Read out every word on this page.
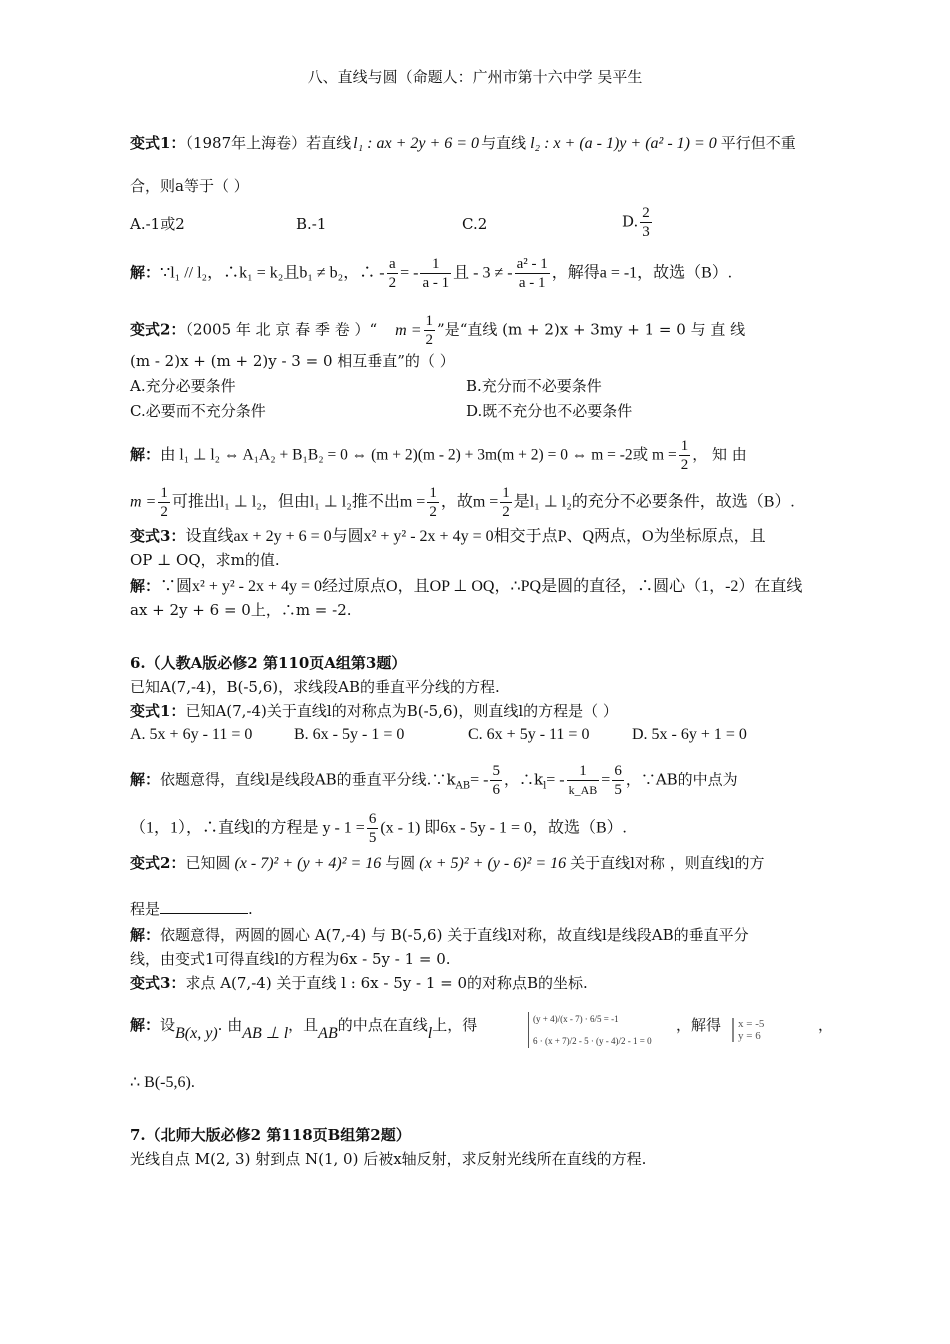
八、直线与圆（命题人：广州市第十六中学 吴平生
变式1：（1987年上海卷）若直线 l₁ : ax + 2y + 6 = 0 与直线 l₂ : x + (a - 1)y + (a² - 1) = 0 平行但不重
合，则a等于（ ）
A.-1或2	B.-1	C.2	D. $\frac{2}{3}$
解：∵l₁ // l₂，∴k₁ = k₂且b₁ ≠ b₂，∴ - $\frac{a}{2}$ = - $\frac{1}{a - 1}$ 且 - 3 ≠ - $\frac{\text{a² - 1}}{a - 1}$ ，解得a = -1，故选（B）.
变式2：（2005 年 北 京 春 季 卷 ）“ $m = \frac{1}{2}$ ”是“直线 (m + 2)x + 3my + 1 = 0 与 直 线
(m - 2)x + (m + 2)y - 3 = 0 相互垂直”的（ ）
A.充分必要条件	B.充分而不必要条件
C.必要而不充分条件	D.既不充分也不必要条件
解：由 l₁ ⊥ l₂ ⇔ A₁A₂ + B₁B₂ = 0 ⇔ (m + 2)(m - 2) + 3m(m + 2) = 0 ⇔ m = -2或 $m = \frac{1}{2}$ ， 知 由
$m = \frac{1}{2}$ 可推出l₁ ⊥ l₂，但由l₁ ⊥ l₂推不出$m = \frac{1}{2}$ ，故$m = \frac{1}{2}$ 是l₁ ⊥ l₂的充分不必要条件，故选（B）.
变式3：设直线ax + 2y + 6 = 0与圆x² + y² - 2x + 4y = 0相交于点P、Q两点，O为坐标原点，且
OP ⊥ OQ，求m的值.
解：∵圆x² + y² - 2x + 4y = 0经过原点O，且OP ⊥ OQ，∴PQ是圆的直径，∴圆心（1，-2）在直线
ax + 2y + 6 = 0上，∴m = -2.
6.（人教A版必修2 第110页A组第3题）
已知A(7,-4)，B(-5,6)，求线段AB的垂直平分线的方程.
变式1：已知A(7,-4)关于直线l的对称点为B(-5,6)，则直线l的方程是（ ）
A. 5x + 6y - 11 = 0	B. 6x - 5y - 1 = 0	C. 6x + 5y - 11 = 0	D. 5x - 6y + 1 = 0
解：依题意得，直线l是线段AB的垂直平分线$.\because k_{AB}= - \frac{5}{6}$ ，$\therefore k_l= - \frac{1}{k\_AB} = \frac{6}{5}$ ，∵AB的中点为
（1，1），∴直线l的方程是 $y - 1 = \frac{6}{5} (x - 1)$ 即6x - 5y - 1 = 0，故选（B）.
变式2：已知圆 (x - 7)² + (y + 4)² = 16 与圆 (x + 5)² + (y - 6)² = 16 关于直线l对称 ，则直线l的方
程是	.
解：依题意得，两圆的圆心 A(7,-4) 与 B(-5,6) 关于直线l对称，故直线l是线段AB的垂直平分
线，由变式1可得直线l的方程为6x - 5y - 1 = 0.
变式3：求点 A(7,-4) 关于直线 l : 6x - 5y - 1 = 0的对称点B的坐标.
解：设B(x, y). 由AB ⊥ l，且AB的中点在直线l上，得	(y + 4)/(x - 7) · 6/5 = -1
6 · (x + 7)/2 - 5 · (y - 4)/2 - 1 = 0
，解得 x = -5
y = 6
，
∴ B(-5,6).
7.（北师大版必修2 第118页B组第2题）
光线自点 M(2, 3) 射到点 N(1, 0) 后被x轴反射，求反射光线所在直线的方程.
